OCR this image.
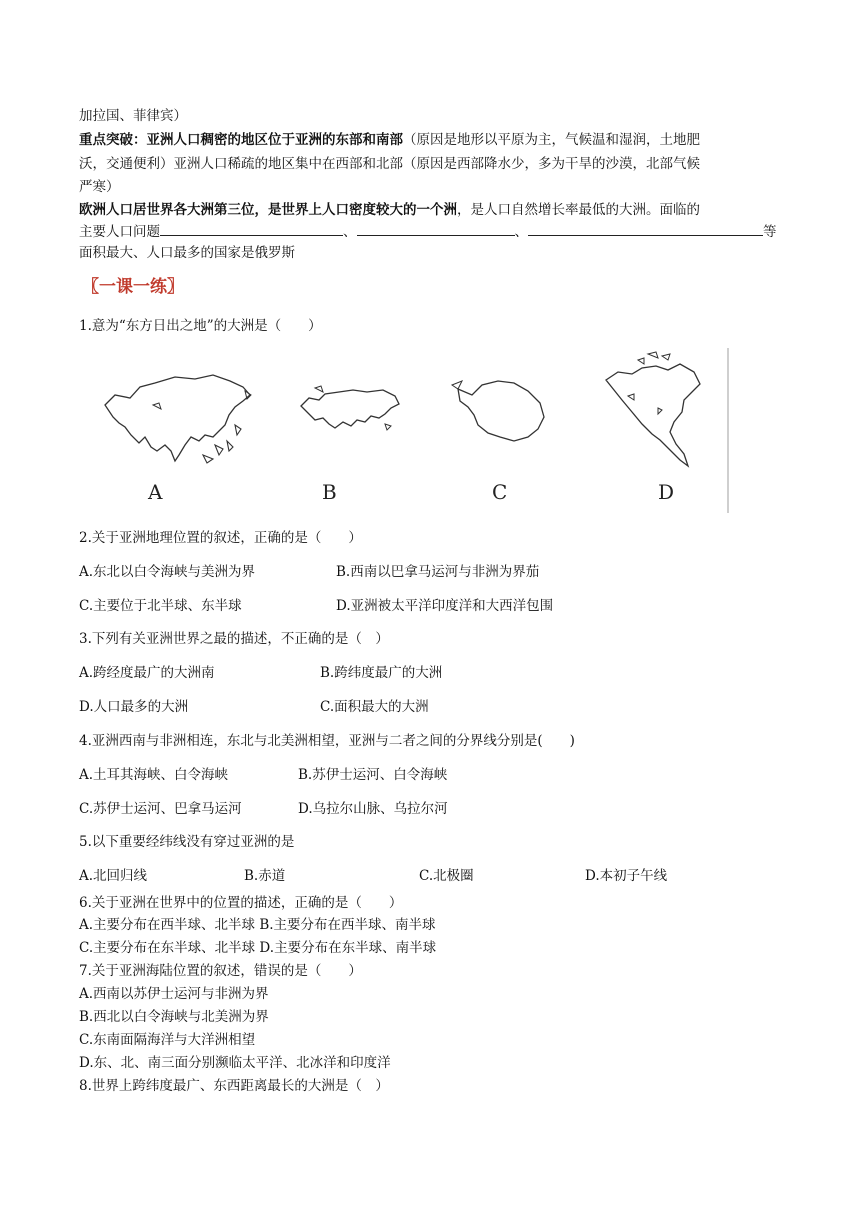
加拉国、菲律宾）
重点突破：亚洲人口稠密的地区位于亚洲的东部和南部（原因是地形以平原为主，气候温和湿润，土地肥
沃，交通便利）亚洲人口稀疏的地区集中在西部和北部（原因是西部降水少，多为干旱的沙漠，北部气候
严寒）
欧洲人口居世界各大洲第三位，是世界上人口密度较大的一个洲，是人口自然增长率最低的大洲。面临的
主要人口问题	、	、	等
面积最大、人口最多的国家是俄罗斯
〖一课一练〗
1.意为“东方日出之地”的大洲是（　　）
A	B	C	D
2.关于亚洲地理位置的叙述，正确的是（　　）
A.东北以白令海峡与美洲为界	B.西南以巴拿马运河与非洲为界茄
C.主要位于北半球、东半球	D.亚洲被太平洋印度洋和大西洋包围
3.下列有关亚洲世界之最的描述，不正确的是（　）
A.跨经度最广的大洲南	B.跨纬度最广的大洲
D.人口最多的大洲	C.面积最大的大洲
4.亚洲西南与非洲相连，东北与北美洲相望，亚洲与二者之间的分界线分别是(　　)
A.土耳其海峡、白令海峡	B.苏伊士运河、白令海峡
C.苏伊士运河、巴拿马运河	D.乌拉尔山脉、乌拉尔河
5.以下重要经纬线没有穿过亚洲的是
A.北回归线	B.赤道	C.北极圈	D.本初子午线
6.关于亚洲在世界中的位置的描述，正确的是（　　）
A.主要分布在西半球、北半球 B.主要分布在西半球、南半球
C.主要分布在东半球、北半球 D.主要分布在东半球、南半球
7.关于亚洲海陆位置的叙述，错误的是（　　）
A.西南以苏伊士运河与非洲为界
B.西北以白令海峡与北美洲为界
C.东南面隔海洋与大洋洲相望
D.东、北、南三面分别濒临太平洋、北冰洋和印度洋
8.世界上跨纬度最广、东西距离最长的大洲是（　）
